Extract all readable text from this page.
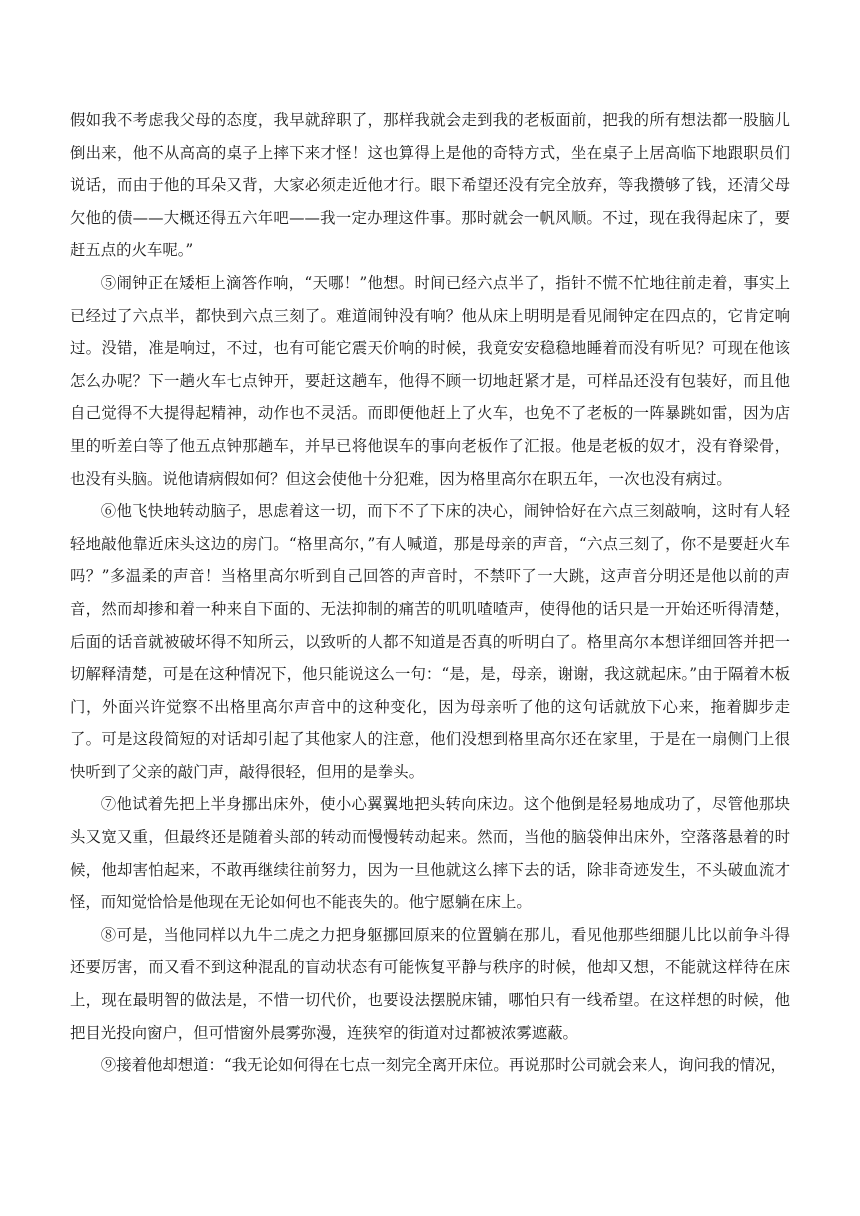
假如我不考虑我父母的态度，我早就辞职了，那样我就会走到我的老板面前，把我的所有想法都一股脑儿倒出来，他不从高高的桌子上摔下来才怪！这也算得上是他的奇特方式，坐在桌子上居高临下地跟职员们说话，而由于他的耳朵又背，大家必须走近他才行。眼下希望还没有完全放弃，等我攒够了钱，还清父母欠他的债——大概还得五六年吧——我一定办理这件事。那时就会一帆风顺。不过，现在我得起床了，要赶五点的火车呢。”

⑤闹钟正在矮柜上滴答作响，“天哪！”他想。时间已经六点半了，指针不慌不忙地往前走着，事实上已经过了六点半，都快到六点三刻了。难道闹钟没有响？他从床上明明是看见闹钟定在四点的，它肯定响过。没错，准是响过，不过，也有可能它震天价响的时候，我竟安安稳稳地睡着而没有听见？可现在他该怎么办呢？下一趟火车七点钟开，要赶这趟车，他得不顾一切地赶紧才是，可样品还没有包装好，而且他自己觉得不大提得起精神，动作也不灵活。而即便他赶上了火车，也免不了老板的一阵暴跳如雷，因为店里的听差白等了他五点钟那趟车，并早已将他误车的事向老板作了汇报。他是老板的奴才，没有脊梁骨，也没有头脑。说他请病假如何？但这会使他十分犯难，因为格里高尔在职五年，一次也没有病过。

⑥他飞快地转动脑子，思虑着这一切，而下不了下床的决心，闹钟恰好在六点三刻敲响，这时有人轻轻地敲他靠近床头这边的房门。“格里高尔，”有人喊道，那是母亲的声音，“六点三刻了，你不是要赶火车吗？”多温柔的声音！当格里高尔听到自己回答的声音时，不禁吓了一大跳，这声音分明还是他以前的声音，然而却掺和着一种来自下面的、无法抑制的痛苦的叽叽喳喳声，使得他的话只是一开始还听得清楚，后面的话音就被破坏得不知所云，以致听的人都不知道是否真的听明白了。格里高尔本想详细回答并把一切解释清楚，可是在这种情况下，他只能说这么一句：“是，是，母亲，谢谢，我这就起床。”由于隔着木板门，外面兴许觉察不出格里高尔声音中的这种变化，因为母亲听了他的这句话就放下心来，拖着脚步走了。可是这段简短的对话却引起了其他家人的注意，他们没想到格里高尔还在家里，于是在一扇侧门上很快听到了父亲的敲门声，敲得很轻，但用的是拳头。

⑦他试着先把上半身挪出床外，使小心翼翼地把头转向床边。这个他倒是轻易地成功了，尽管他那块头又宽又重，但最终还是随着头部的转动而慢慢转动起来。然而，当他的脑袋伸出床外，空落落悬着的时候，他却害怕起来，不敢再继续往前努力，因为一旦他就这么摔下去的话，除非奇迹发生，不头破血流才怪，而知觉恰恰是他现在无论如何也不能丧失的。他宁愿躺在床上。

⑧可是，当他同样以九牛二虎之力把身躯挪回原来的位置躺在那儿，看见他那些细腿儿比以前争斗得还要厉害，而又看不到这种混乱的盲动状态有可能恢复平静与秩序的时候，他却又想，不能就这样待在床上，现在最明智的做法是，不惜一切代价，也要设法摆脱床铺，哪怕只有一线希望。在这样想的时候，他把目光投向窗户，但可惜窗外晨雾弥漫，连狭窄的街道对过都被浓雾遮蔽。

⑨接着他却想道：“我无论如何得在七点一刻完全离开床位。再说那时公司就会来人，询问我的情况，
